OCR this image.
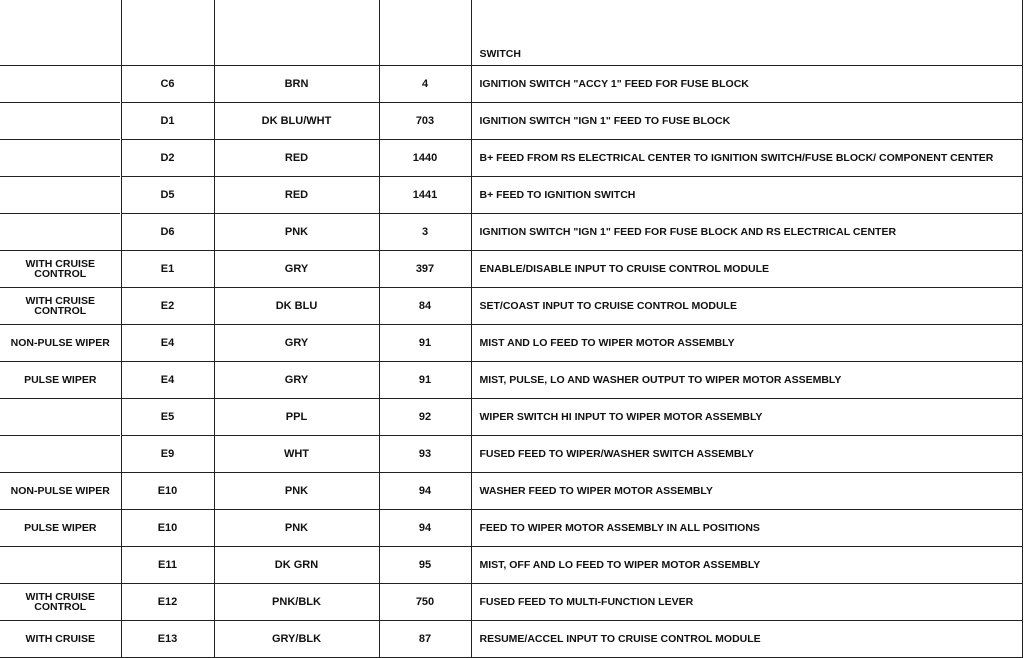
				SWITCH
	C6	BRN	4	IGNITION SWITCH "ACCY 1" FEED FOR FUSE BLOCK
	D1	DK BLU/WHT	703	IGNITION SWITCH "IGN 1" FEED TO FUSE BLOCK
	D2	RED	1440	B+ FEED FROM RS ELECTRICAL CENTER TO IGNITION SWITCH/FUSE BLOCK/ COMPONENT CENTER
	D5	RED	1441	B+ FEED TO IGNITION SWITCH
	D6	PNK	3	IGNITION SWITCH "IGN 1" FEED FOR FUSE BLOCK AND RS ELECTRICAL CENTER
WITH CRUISE CONTROL	E1	GRY	397	ENABLE/DISABLE INPUT TO CRUISE CONTROL MODULE
WITH CRUISE CONTROL	E2	DK BLU	84	SET/COAST INPUT TO CRUISE CONTROL MODULE
NON-PULSE WIPER	E4	GRY	91	MIST AND LO FEED TO WIPER MOTOR ASSEMBLY
PULSE WIPER	E4	GRY	91	MIST, PULSE, LO AND WASHER OUTPUT TO WIPER MOTOR ASSEMBLY
	E5	PPL	92	WIPER SWITCH HI INPUT TO WIPER MOTOR ASSEMBLY
	E9	WHT	93	FUSED FEED TO WIPER/WASHER SWITCH ASSEMBLY
NON-PULSE WIPER	E10	PNK	94	WASHER FEED TO WIPER MOTOR ASSEMBLY
PULSE WIPER	E10	PNK	94	FEED TO WIPER MOTOR ASSEMBLY IN ALL POSITIONS
	E11	DK GRN	95	MIST, OFF AND LO FEED TO WIPER MOTOR ASSEMBLY
WITH CRUISE CONTROL	E12	PNK/BLK	750	FUSED FEED TO MULTI-FUNCTION LEVER
WITH CRUISE	E13	GRY/BLK	87	RESUME/ACCEL INPUT TO CRUISE CONTROL MODULE
